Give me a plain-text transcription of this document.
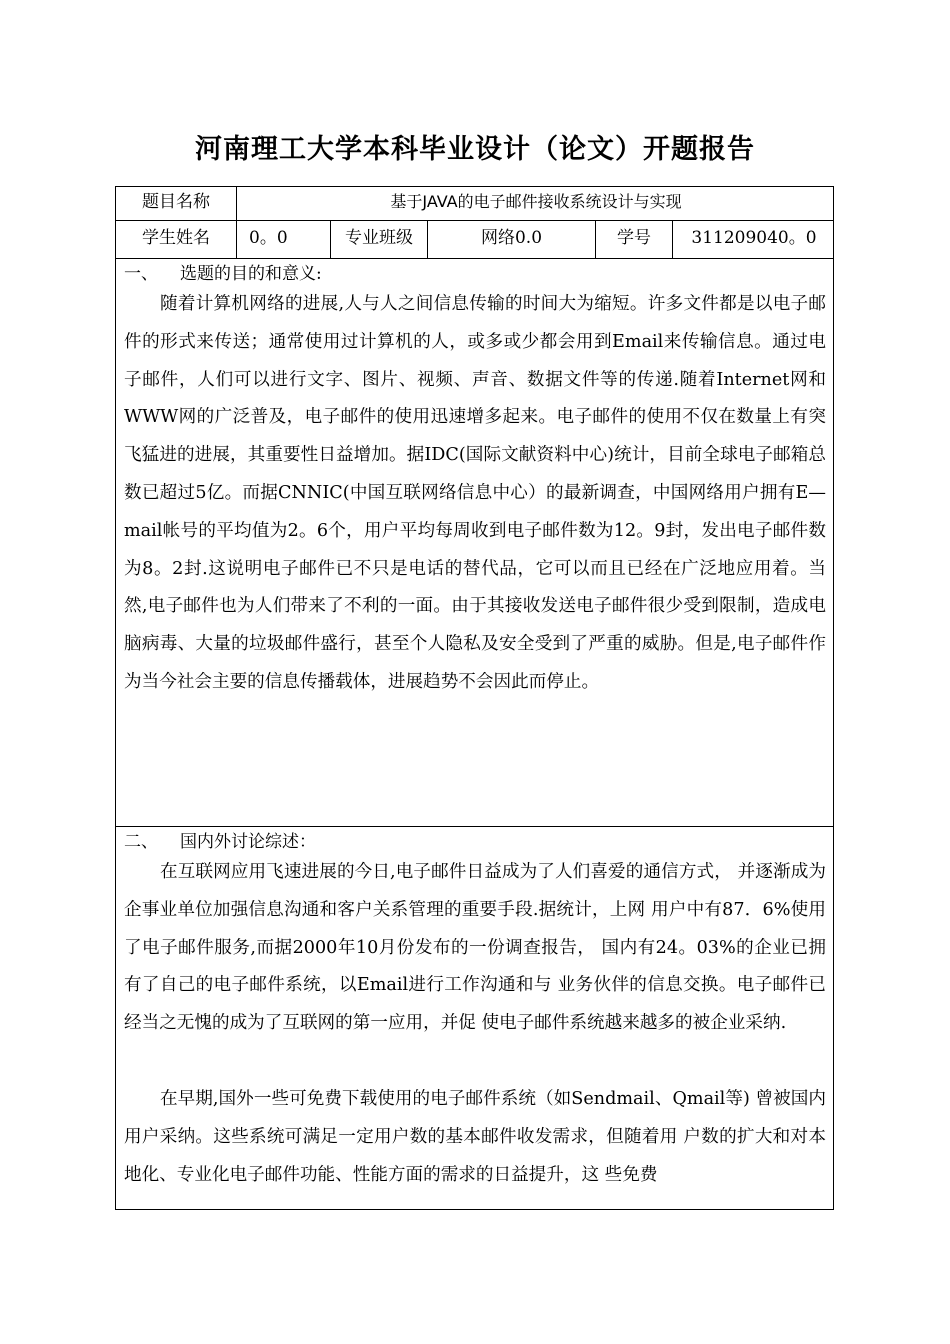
河南理工大学本科毕业设计（论文）开题报告
题目名称	基于JAVA的电子邮件接收系统设计与实现
学生姓名	0。0	专业班级	网络0.0	学号	311209040。0
一、 选题的目的和意义:

随着计算机网络的进展,人与人之间信息传输的时间大为缩短。许多文件都是以电子邮件的形式来传送；通常使用过计算机的人，或多或少都会用到Email来传输信息。通过电子邮件，人们可以进行文字、图片、视频、声音、数据文件等的传递.随着Internet网和WWW网的广泛普及，电子邮件的使用迅速增多起来。电子邮件的使用不仅在数量上有突飞猛进的进展，其重要性日益增加。据IDC(国际文献资料中心)统计，目前全球电子邮箱总数已超过5亿。而据CNNIC(中国互联网络信息中心）的最新调查，中国网络用户拥有E—mail帐号的平均值为2。6个，用户平均每周收到电子邮件数为12。9封，发出电子邮件数为8。2封.这说明电子邮件已不只是电话的替代品，它可以而且已经在广泛地应用着。当然,电子邮件也为人们带来了不利的一面。由于其接收发送电子邮件很少受到限制，造成电脑病毒、大量的垃圾邮件盛行，甚至个人隐私及安全受到了严重的威胁。但是,电子邮件作为当今社会主要的信息传播载体，进展趋势不会因此而停止。

二、 国内外讨论综述：

在互联网应用飞速进展的今日,电子邮件日益成为了人们喜爱的通信方式， 并逐渐成为企事业单位加强信息沟通和客户关系管理的重要手段.据统计，上网 用户中有87．6%使用了电子邮件服务,而据2000年10月份发布的一份调查报告， 国内有24。03%的企业已拥有了自己的电子邮件系统，以Email进行工作沟通和与 业务伙伴的信息交换。电子邮件已经当之无愧的成为了互联网的第一应用，并促 使电子邮件系统越来越多的被企业采纳.

在早期,国外一些可免费下载使用的电子邮件系统（如Sendmail、Qmail等) 曾被国内用户采纳。这些系统可满足一定用户数的基本邮件收发需求，但随着用 户数的扩大和对本地化、专业化电子邮件功能、性能方面的需求的日益提升，这 些免费
